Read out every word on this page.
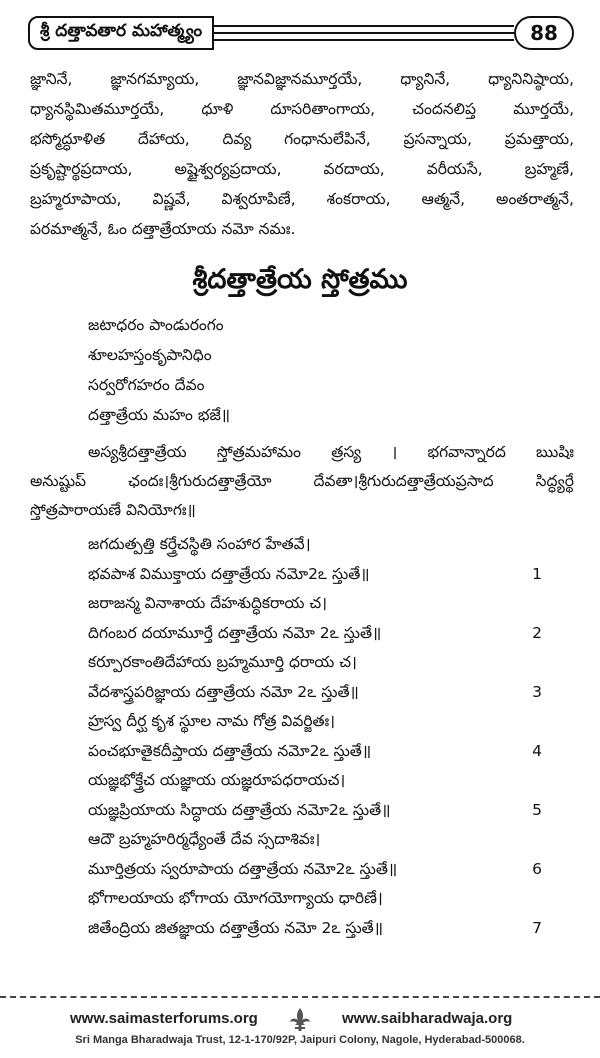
శ్రీ దత్తావతార మహాత్మ్యం	88
జ్ఞానినే, జ్ఞానగమ్యాయ, జ్ఞానవిజ్ఞానమూర్తయే, ధ్యానినే, ధ్యానినిష్ఠాయ,
ధ్యానస్థిమితమూర్తయే, ధూళి దూసరితాంగాయ, చందనలిప్త మూర్తయే,
భస్మోద్ధూళిత దేహాయ, దివ్య గంధానులేపినే, ప్రసన్నాయ, ప్రమత్తాయ,
ప్రకృష్టార్థప్రదాయ, అష్టైశ్వర్యప్రదాయ, వరదాయ, వరీయసే, బ్రహ్మణే,
బ్రహ్మరూపాయ, విష్ణవే, విశ్వరూపిణే, శంకరాయ, ఆత్మనే, అంతరాత్మనే,
పరమాత్మనే, ఓం దత్తాత్రేయాయ నమో నమః.
శ్రీదత్తాత్రేయ స్తోత్రము
జటాధరం పాండురంగం
శూలహస్తంకృపానిధిం
సర్వరోగహరం దేవం
దత్తాత్రేయ మహం భజే॥
అస్యశ్రీదత్తాత్రేయ స్తోత్రమహామం త్రస్య । భగవాన్నారద ఋషిః
అనుష్టుప్ ఛందః।శ్రీగురుదత్తాత్రేయో దేవతా।శ్రీగురుదత్తాత్రేయప్రసాద సిద్ధ్యర్థే
స్తోత్రపారాయణే వినియోగః॥
జగదుత్పత్తి కర్త్రేచస్థితి సంహార హేతవే।
భవపాశ విముక్తాయ దత్తాత్రేయ నమో2ఽ స్తుతే॥	1
జరాజన్మ వినాశాయ దేహశుద్ధికరాయ చ।
దిగంబర దయామూర్తే దత్తాత్రేయ నమో 2ఽ స్తుతే॥	2
కర్పూరకాంతిదేహాయ బ్రహ్మమూర్తి ధరాయ చ।
వేదశాస్త్రపరిజ్ఞాయ దత్తాత్రేయ నమో 2ఽ స్తుతే॥	3
హ్రస్వ దీర్ఘ కృశ స్థూల నామ గోత్ర వివర్జితః।
పంచభూతైకదీప్తాయ దత్తాత్రేయ నమో2ఽ స్తుతే॥	4
యజ్ఞభోక్త్రేచ యజ్ఞాయ యజ్ఞరూపధరాయచ।
యజ్ఞప్రియాయ సిద్ధాయ దత్తాత్రేయ నమో2ఽ స్తుతే॥	5
ఆదౌ బ్రహ్మహరిర్మధ్యేంతే దేవ స్సదాశివః।
మూర్తిత్రయ స్వరూపాయ దత్తాత్రేయ నమో2ఽ స్తుతే॥	6
భోగాలయాయ భోగాయ యోగయోగ్యాయ ధారిణే।
జితేంద్రియ జితజ్ఞాయ దత్తాత్రేయ నమో 2ఽ స్తుతే॥	7
www.saimasterforums.org	www.saibharadwaja.org
Sri Manga Bharadwaja Trust, 12-1-170/92P, Jaipuri Colony, Nagole, Hyderabad-500068.
